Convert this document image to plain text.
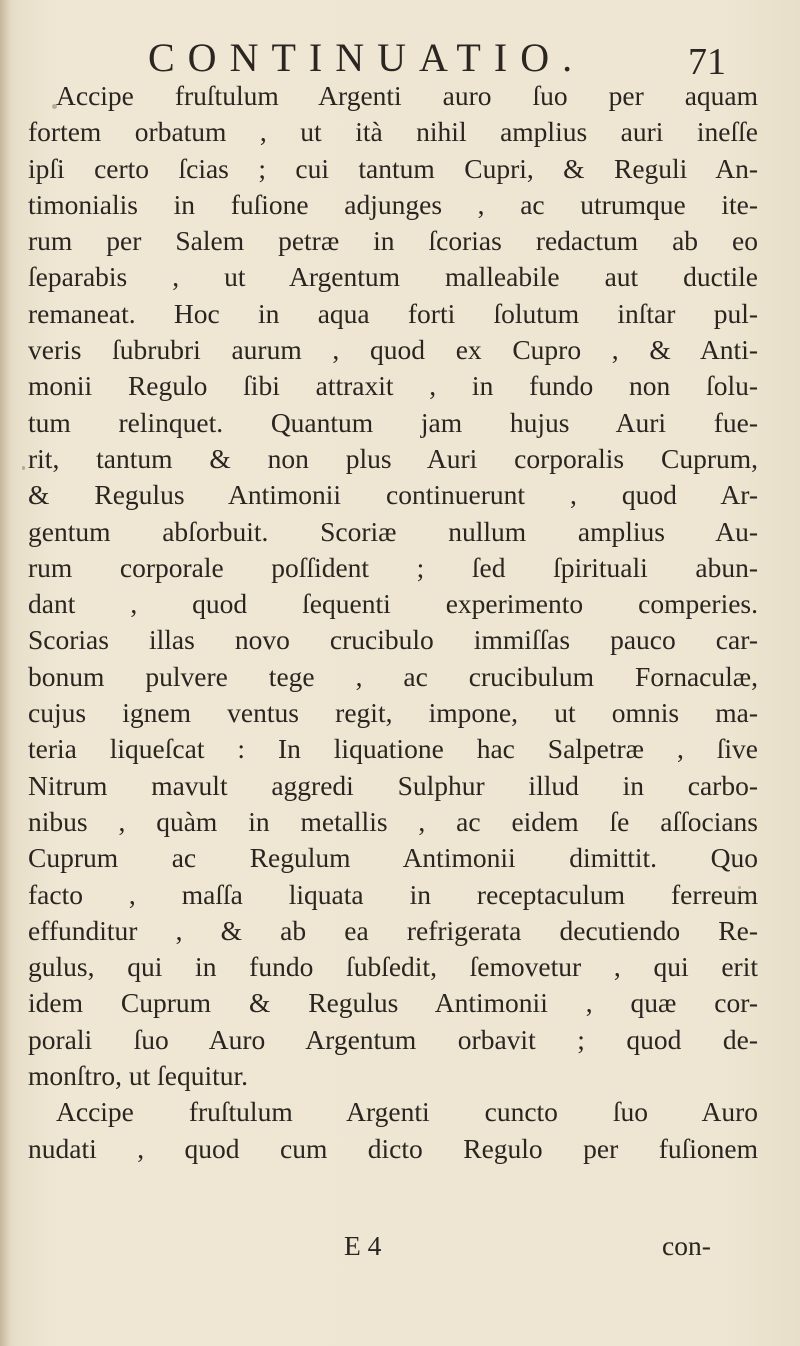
CONTINUATIO.	71
Accipe fruſtulum Argenti auro ſuo per aquam
fortem orbatum , ut ità nihil amplius auri ineſſe
ipſi certo ſcias ; cui tantum Cupri, & Reguli An-
timonialis in fuſione adjunges , ac utrumque ite-
rum per Salem petræ in ſcorias redactum ab eo
ſeparabis , ut Argentum malleabile aut ductile
remaneat. Hoc in aqua forti ſolutum inſtar pul-
veris ſubrubri aurum , quod ex Cupro , & Anti-
monii Regulo ſibi attraxit , in fundo non ſolu-
tum relinquet. Quantum jam hujus Auri fue-
rit, tantum & non plus Auri corporalis Cuprum,
& Regulus Antimonii continuerunt , quod Ar-
gentum abſorbuit. Scoriæ nullum amplius Au-
rum corporale poſſident ; ſed ſpirituali abun-
dant , quod ſequenti experimento comperies.
Scorias illas novo crucibulo immiſſas pauco car-
bonum pulvere tege , ac crucibulum Fornaculæ,
cujus ignem ventus regit, impone, ut omnis ma-
teria liqueſcat : In liquatione hac Salpetræ , ſive
Nitrum mavult aggredi Sulphur illud in carbo-
nibus , quàm in metallis , ac eidem ſe aſſocians
Cuprum ac Regulum Antimonii dimittit. Quo
facto , maſſa liquata in receptaculum ferreum
effunditur , & ab ea refrigerata decutiendo Re-
gulus, qui in fundo ſubſedit, ſemovetur , qui erit
idem Cuprum & Regulus Antimonii , quæ cor-
porali ſuo Auro Argentum orbavit ; quod de-
monſtro, ut ſequitur.
Accipe fruſtulum Argenti cuncto ſuo Auro
nudati , quod cum dicto Regulo per fuſionem
E 4	con-
